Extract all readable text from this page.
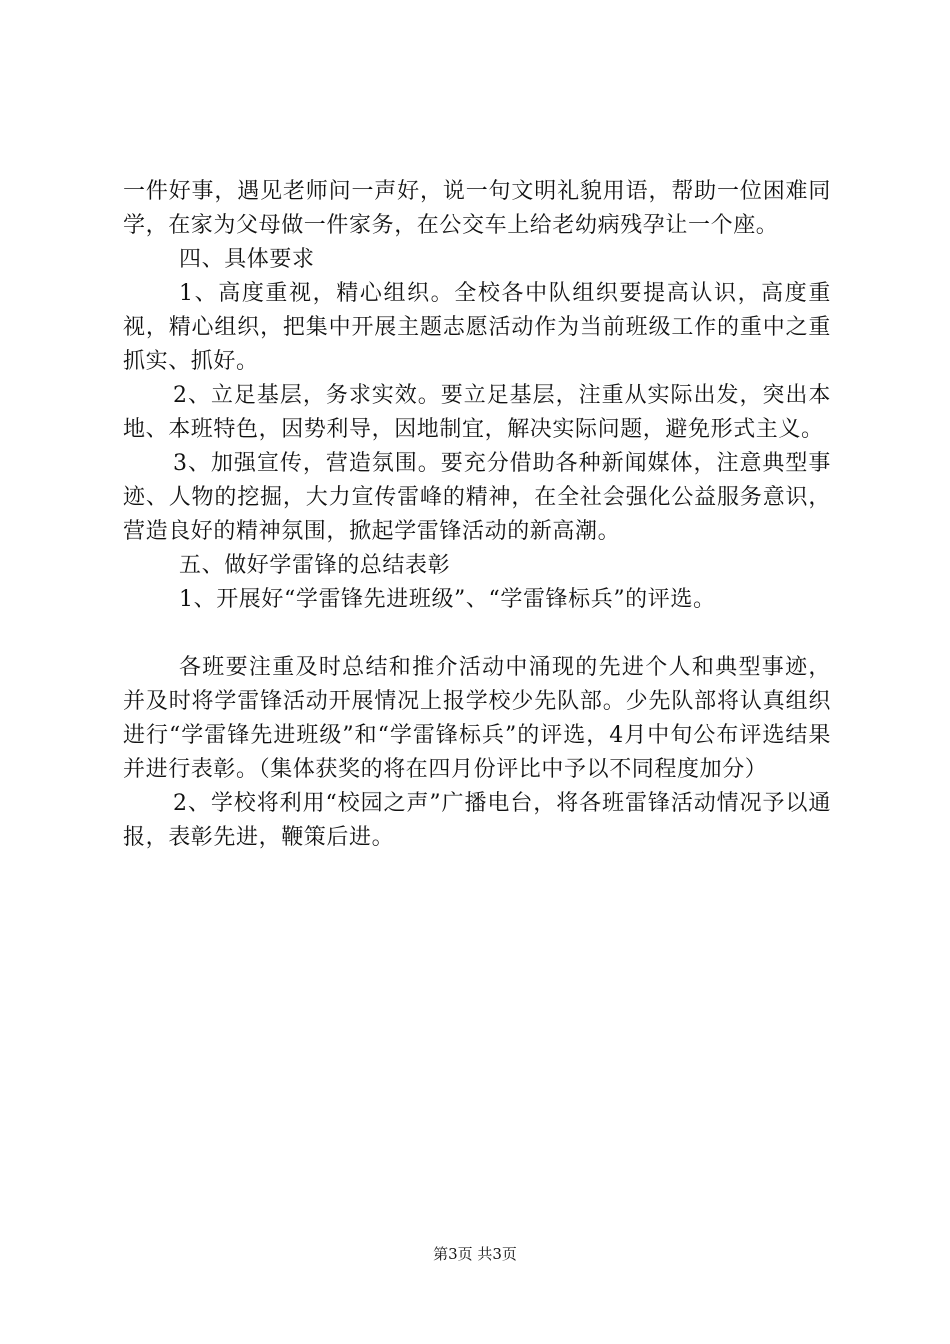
一件好事，遇见老师问一声好，说一句文明礼貌用语，帮助一位困难同学，在家为父母做一件家务，在公交车上给老幼病残孕让一个座。

四、具体要求

1、高度重视，精心组织。全校各中队组织要提高认识，高度重视，精心组织，把集中开展主题志愿活动作为当前班级工作的重中之重抓实、抓好。

2、立足基层，务求实效。要立足基层，注重从实际出发，突出本地、本班特色，因势利导，因地制宜，解决实际问题，避免形式主义。

3、加强宣传，营造氛围。要充分借助各种新闻媒体，注意典型事迹、人物的挖掘，大力宣传雷峰的精神，在全社会强化公益服务意识，营造良好的精神氛围，掀起学雷锋活动的新高潮。

五、做好学雷锋的总结表彰

1、开展好“学雷锋先进班级”、“学雷锋标兵”的评选。

各班要注重及时总结和推介活动中涌现的先进个人和典型事迹，并及时将学雷锋活动开展情况上报学校少先队部。少先队部将认真组织进行“学雷锋先进班级”和“学雷锋标兵”的评选，4月中旬公布评选结果并进行表彰。（集体获奖的将在四月份评比中予以不同程度加分）

2、学校将利用“校园之声”广播电台，将各班雷锋活动情况予以通报，表彰先进，鞭策后进。

第3页 共3页
